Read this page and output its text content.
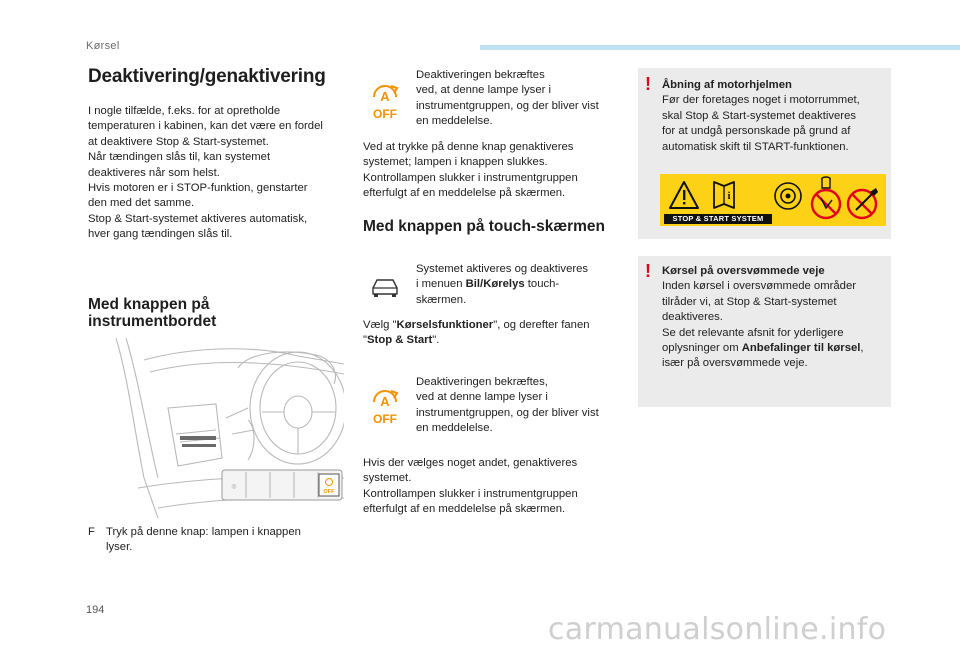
Kørsel
Deaktivering/genaktivering

I nogle tilfælde, f.eks. for at opretholde

temperaturen i kabinen, kan det være en fordel

at deaktivere Stop & Start-systemet.

Når tændingen slås til, kan systemet

deaktiveres når som helst.

Hvis motoren er i STOP-funktion, genstarter

den med det samme.

Stop & Start-systemet aktiveres automatisk,

hver gang tændingen slås til.

Med knappen på
instrumentbordet
◎
OFF
F Tryk på denne knap: lampen i knappen
lyser.
A
OFF

Deaktiveringen bekræftes

ved, at denne lampe lyser i

instrumentgruppen, og der bliver vist

en meddelelse.

Ved at trykke på denne knap genaktiveres

systemet; lampen i knappen slukkes.

Kontrollampen slukker i instrumentgruppen

efterfulgt af en meddelelse på skærmen.

Med knappen på touch-skærmen

Systemet aktiveres og deaktiveres

i menuen Bil/Kørelys touch-

skærmen.

Vælg "Kørselsfunktioner", og derefter fanen

"Stop & Start".

A
OFF

Deaktiveringen bekræftes,

ved at denne lampe lyser i

instrumentgruppen, og der bliver vist

en meddelelse.

Hvis der vælges noget andet, genaktiveres

systemet.

Kontrollampen slukker i instrumentgruppen

efterfulgt af en meddelelse på skærmen.

! Åbning af motorhjelmen
Før der foretages noget i motorrummet,
skal Stop & Start-systemet deaktiveres
for at undgå personskade på grund af
automatisk skift til START-funktionen.
i
STOP & START SYSTEM
! Kørsel på oversvømmede veje
Inden kørsel i oversvømmede områder
tilråder vi, at Stop & Start-systemet
deaktiveres.
Se det relevante afsnit for yderligere
oplysninger om Anbefalinger til kørsel,
især på oversvømmede veje.
194
carmanualsonline.info
